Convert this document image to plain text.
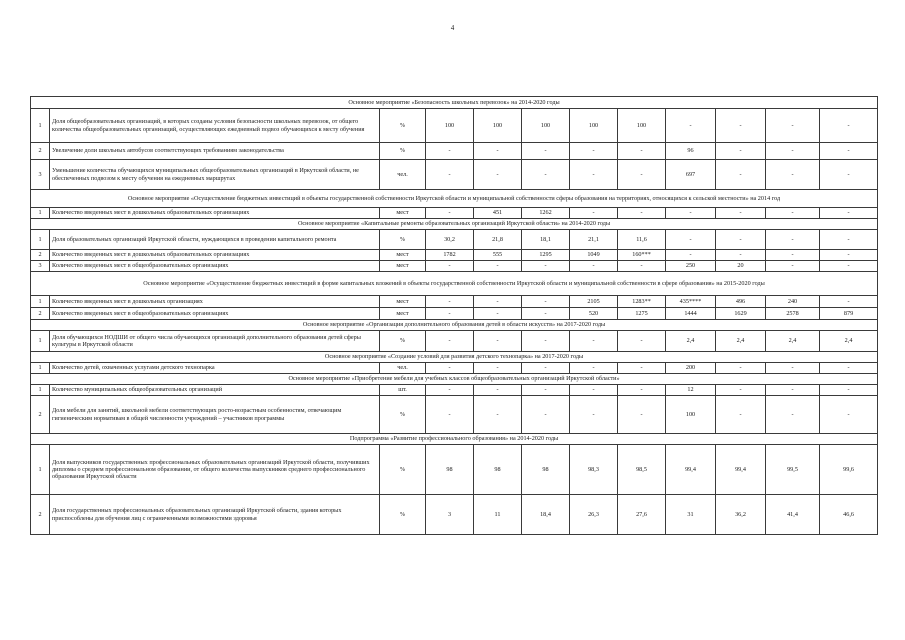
4
Основное мероприятие «Безопасность школьных перевозок» на 2014-2020 годы											
1	Доля общеобразовательных организаций, в которых созданы условия безопасности школьных перевозок, от общего количества общеобразовательных организаций, осуществляющих ежедневный подвоз обучающихся к месту обучения	%	100	100	100	100	100	-	-	-	-
2	Увеличение доли школьных автобусов соответствующих требованиям законодательства	%	-	-	-	-	-	96	-	-	-
3	Уменьшение количества обучающихся муниципальных общеобразовательных организаций в Иркутской области, не обеспеченных подвозом к месту обучения на ежедневных маршрутах	чел.	-	-	-	-	-	697	-	-	-
Основное мероприятие «Осуществление бюджетных инвестиций в объекты государственной собственности Иркутской области и муниципальной собственности сферы образования на территориях, относящихся к сельской местности» на 2014 год											
1	Количество введенных мест в дошкольных образовательных организациях	мест	-	451	1262	-	-	-	-	-	-
Основное мероприятие «Капитальные ремонты образовательных организаций Иркутской области» на 2014-2020 годы											
1	Доля образовательных организаций Иркутской области, нуждающихся в проведении капитального ремонта	%	30,2	21,8	18,1	21,1	11,6	-	-	-	-
2	Количество введенных мест в дошкольных образовательных организациях	мест	1782	555	1295	1049	160***	-	-	-	-
3	Количество введенных мест в общеобразовательных организациях	мест	-	-	-	-	-	250	20	-	-
Основное мероприятие «Осуществление бюджетных инвестиций в форме капитальных вложений в объекты государственной собственности Иркутской области и муниципальной собственности в сфере образования» на 2015-2020 годы											
1	Количество введенных мест в дошкольных организациях	мест	-	-	-	2105	1283**	435****	496	240	-
2	Количество введенных мест в общеобразовательных организациях	мест	-	-	-	520	1275	1444	1629	2578	879
Основное мероприятие «Организация дополнительного образования детей в области искусств» на 2017-2020 годы											
1	Доля обучающихся НОДШИ от общего числа обучающихся организаций дополнительного образования детей сферы культуры в Иркутской области	%	-	-	-	-	-	2,4	2,4	2,4	2,4
Основное мероприятие «Создание условий для развития детского технопарка» на 2017-2020 годы											
1	Количество детей, охваченных услугами детского технопарка	чел.	-	-	-	-	-	200	-	-	-
Основное мероприятие «Приобретение мебели для учебных классов общеобразовательных организаций Иркутской области»											
1	Количество муниципальных общеобразовательных организаций	шт.	-	-	-	-	-	12	-	-	-
2	Доля мебели для занятий, школьной мебели соответствующих росто-возрастным особенностям, отвечающим гигиеническим нормативам в общей численности учреждений – участников программы	%	-	-	-	-	-	100	-	-	-
Подпрограмма «Развитие профессионального образования» на 2014-2020 годы											
1	Доля выпускников государственных профессиональных образовательных организаций Иркутской области, получивших дипломы о среднем профессиональном образовании, от общего количества выпускников среднего профессионального образования Иркутской области	%	98	98	98	98,3	98,5	99,4	99,4	99,5	99,6
2	Доля государственных профессиональных образовательных организаций Иркутской области, здания которых приспособлены для обучения лиц с ограниченными возможностями здоровья	%	3	11	18,4	26,3	27,6	31	36,2	41,4	46,6
